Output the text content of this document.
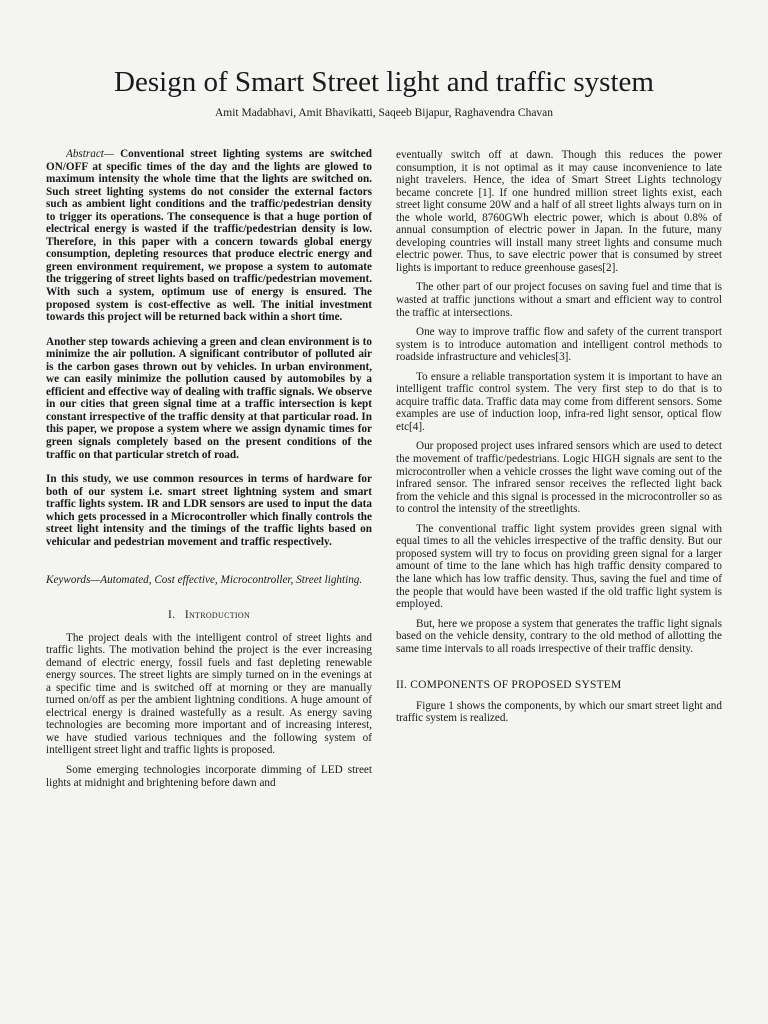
Design of Smart Street light and traffic system
Amit Madabhavi, Amit Bhavikatti, Saqeeb Bijapur, Raghavendra Chavan

Abstract— Conventional street lighting systems are switched ON/OFF at specific times of the day and the lights are glowed to maximum intensity the whole time that the lights are switched on. Such street lighting systems do not consider the external factors such as ambient light conditions and the traffic/pedestrian density to trigger its operations. The consequence is that a huge portion of electrical energy is wasted if the traffic/pedestrian density is low. Therefore, in this paper with a concern towards global energy consumption, depleting resources that produce electric energy and green environment requirement, we propose a system to automate the triggering of street lights based on traffic/pedestrian movement. With such a system, optimum use of energy is ensured. The proposed system is cost-effective as well. The initial investment towards this project will be returned back within a short time.

Another step towards achieving a green and clean environment is to minimize the air pollution. A significant contributor of polluted air is the carbon gases thrown out by vehicles. In urban environment, we can easily minimize the pollution caused by automobiles by a efficient and effective way of dealing with traffic signals. We observe in our cities that green signal time at a traffic intersection is kept constant irrespective of the traffic density at that particular road. In this paper, we propose a system where we assign dynamic times for green signals completely based on the present conditions of the traffic on that particular stretch of road.

In this study, we use common resources in terms of hardware for both of our system i.e. smart street lightning system and smart traffic lights system. IR and LDR sensors are used to input the data which gets processed in a Microcontroller which finally controls the street light intensity and the timings of the traffic lights based on vehicular and pedestrian movement and traffic respectively.

Keywords—Automated, Cost effective, Microcontroller, Street lighting.

I. Introduction

The project deals with the intelligent control of street lights and traffic lights. The motivation behind the project is the ever increasing demand of electric energy, fossil fuels and fast depleting renewable energy sources. The street lights are simply turned on in the evenings at a specific time and is switched off at morning or they are manually turned on/off as per the ambient lightning conditions. A huge amount of electrical energy is drained wastefully as a result. As energy saving technologies are becoming more important and of increasing interest, we have studied various techniques and the following system of intelligent street light and traffic lights is proposed.

Some emerging technologies incorporate dimming of LED street lights at midnight and brightening before dawn and

eventually switch off at dawn. Though this reduces the power consumption, it is not optimal as it may cause inconvenience to late night travelers. Hence, the idea of Smart Street Lights technology became concrete [1]. If one hundred million street lights exist, each street light consume 20W and a half of all street lights always turn on in the whole world, 8760GWh electric power, which is about 0.8% of annual consumption of electric power in Japan. In the future, many developing countries will install many street lights and consume much electric power. Thus, to save electric power that is consumed by street lights is important to reduce greenhouse gases[2].

The other part of our project focuses on saving fuel and time that is wasted at traffic junctions without a smart and efficient way to control the traffic at intersections.

One way to improve traffic flow and safety of the current transport system is to introduce automation and intelligent control methods to roadside infrastructure and vehicles[3].

To ensure a reliable transportation system it is important to have an intelligent traffic control system. The very first step to do that is to acquire traffic data. Traffic data may come from different sensors. Some examples are use of induction loop, infra-red light sensor, optical flow etc[4].

Our proposed project uses infrared sensors which are used to detect the movement of traffic/pedestrians. Logic HIGH signals are sent to the microcontroller when a vehicle crosses the light wave coming out of the infrared sensor. The infrared sensor receives the reflected light back from the vehicle and this signal is processed in the microcontroller so as to control the intensity of the streetlights.

The conventional traffic light system provides green signal with equal times to all the vehicles irrespective of the traffic density. But our proposed system will try to focus on providing green signal for a larger amount of time to the lane which has high traffic density compared to the lane which has low traffic density. Thus, saving the fuel and time of the people that would have been wasted if the old traffic light system is employed.

But, here we propose a system that generates the traffic light signals based on the vehicle density, contrary to the old method of allotting the same time intervals to all roads irrespective of their traffic density.

II. COMPONENTS OF PROPOSED SYSTEM

Figure 1 shows the components, by which our smart street light and traffic system is realized.
